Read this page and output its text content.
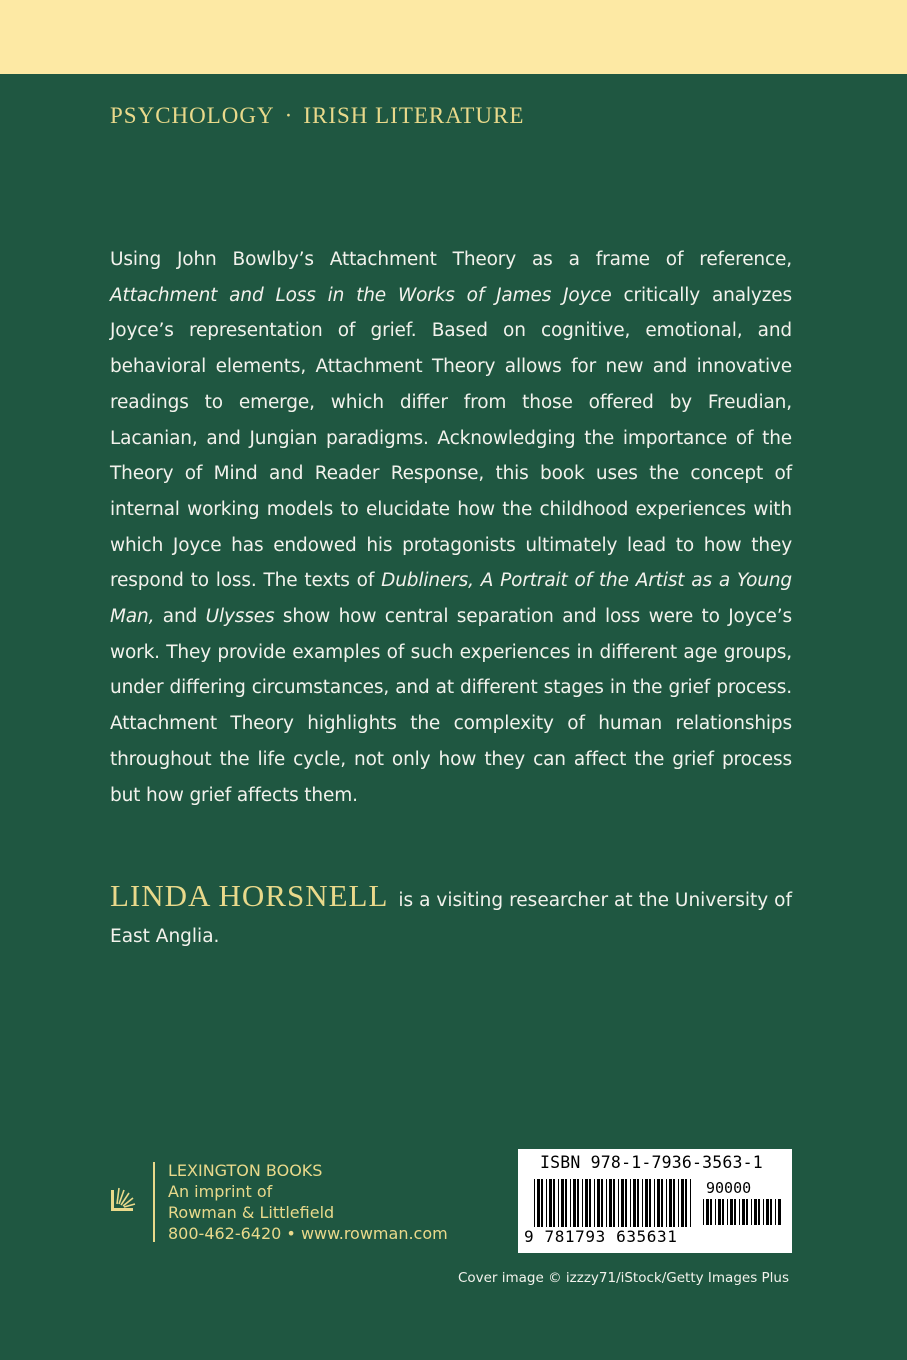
PSYCHOLOGY · IRISH LITERATURE
Using John Bowlby’s Attachment Theory as a frame of reference, Attachment and Loss in the Works of James Joyce critically analyzes Joyce’s representation of grief. Based on cognitive, emotional, and behavioral elements, Attachment Theory allows for new and innovative readings to emerge, which differ from those offered by Freudian, Lacanian, and Jungian paradigms. Acknowledging the importance of the Theory of Mind and Reader Response, this book uses the concept of internal working models to elucidate how the childhood experiences with which Joyce has endowed his protagonists ultimately lead to how they respond to loss. The texts of Dubliners, A Portrait of the Artist as a Young Man, and Ulysses show how central separation and loss were to Joyce’s work. They provide examples of such experiences in different age groups, under differing circumstances, and at different stages in the grief process. Attachment Theory highlights the complexity of human relationships throughout the life cycle, not only how they can affect the grief process but how grief affects them.
LINDA HORSNELL is a visiting researcher at the University of East Anglia.
LEXINGTON BOOKS
An imprint of
Rowman & Littlefield
800-462-6420 • www.rowman.com
ISBN 978-1-7936-3563-1
90000
9 781793 635631
Cover image © izzzy71/iStock/Getty Images Plus
